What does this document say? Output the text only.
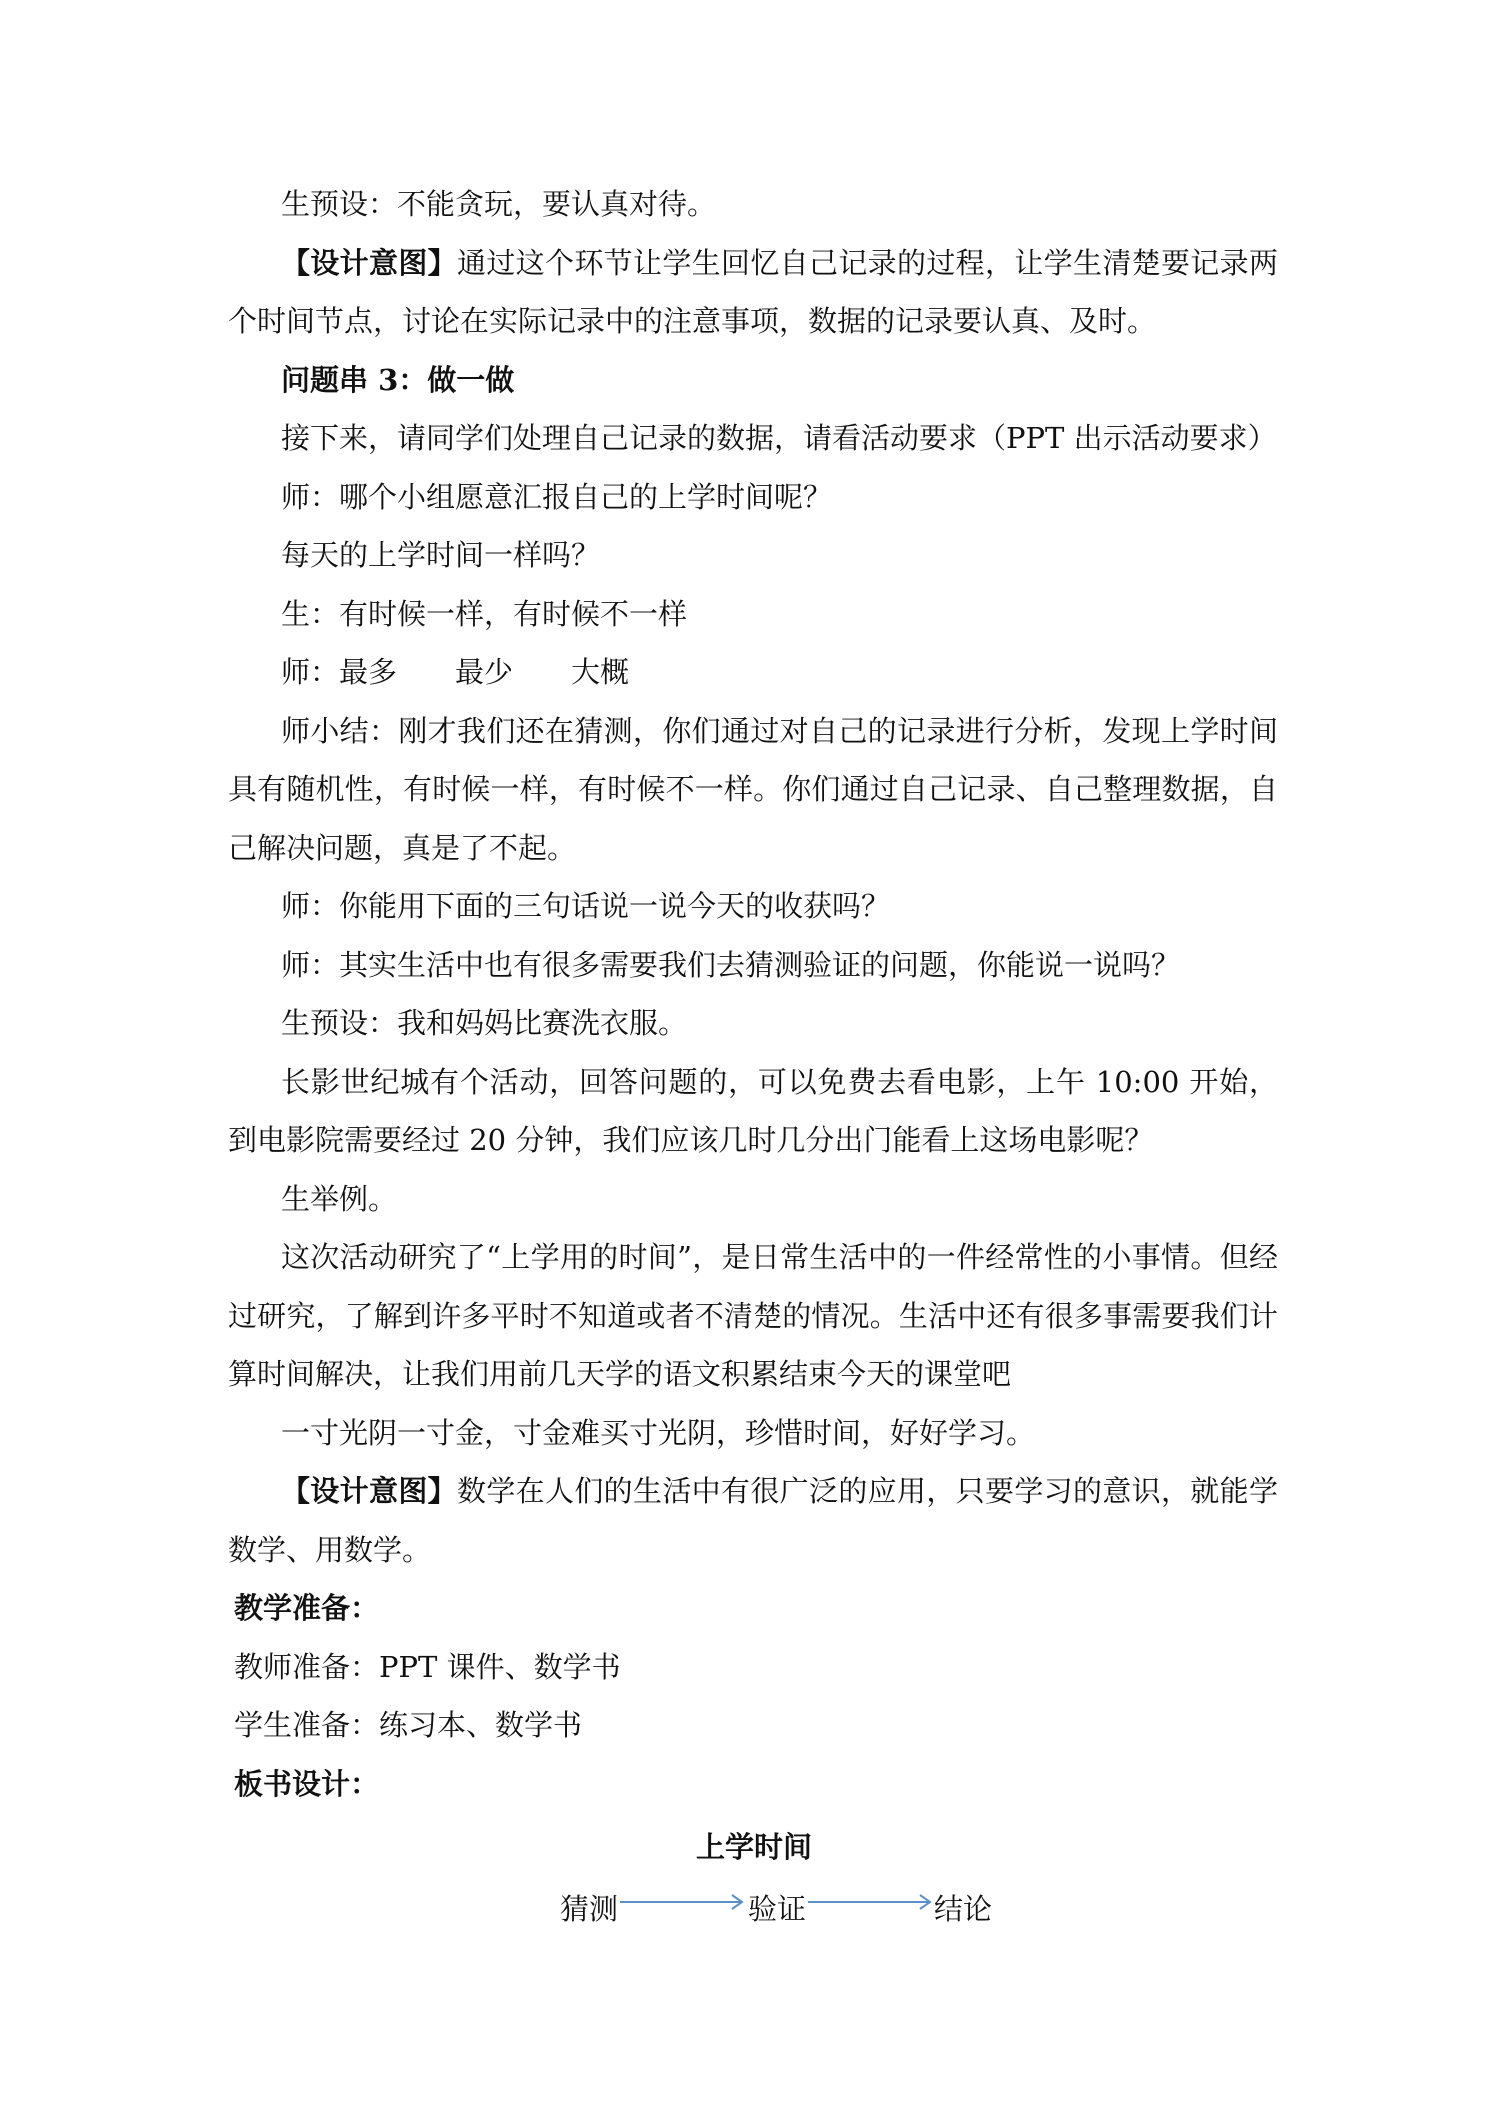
生预设：不能贪玩，要认真对待。

【设计意图】通过这个环节让学生回忆自己记录的过程，让学生清楚要记录两个时间节点，讨论在实际记录中的注意事项，数据的记录要认真、及时。

问题串 3：做一做

接下来，请同学们处理自己记录的数据，请看活动要求（PPT 出示活动要求）

师：哪个小组愿意汇报自己的上学时间呢？

每天的上学时间一样吗？

生：有时候一样，有时候不一样

师：最多　　最少　　大概

师小结：刚才我们还在猜测，你们通过对自己的记录进行分析，发现上学时间具有随机性，有时候一样，有时候不一样。你们通过自己记录、自己整理数据，自己解决问题，真是了不起。

师：你能用下面的三句话说一说今天的收获吗？

师：其实生活中也有很多需要我们去猜测验证的问题，你能说一说吗？

生预设：我和妈妈比赛洗衣服。

长影世纪城有个活动，回答问题的，可以免费去看电影，上午 10:00 开始，到电影院需要经过 20 分钟，我们应该几时几分出门能看上这场电影呢？

生举例。

这次活动研究了“上学用的时间”，是日常生活中的一件经常性的小事情。但经过研究，了解到许多平时不知道或者不清楚的情况。生活中还有很多事需要我们计算时间解决，让我们用前几天学的语文积累结束今天的课堂吧

一寸光阴一寸金，寸金难买寸光阴，珍惜时间，好好学习。

【设计意图】数学在人们的生活中有很广泛的应用，只要学习的意识，就能学数学、用数学。

教学准备：

教师准备：PPT 课件、数学书

学生准备：练习本、数学书

板书设计：

上学时间
猜测	验证	结论
